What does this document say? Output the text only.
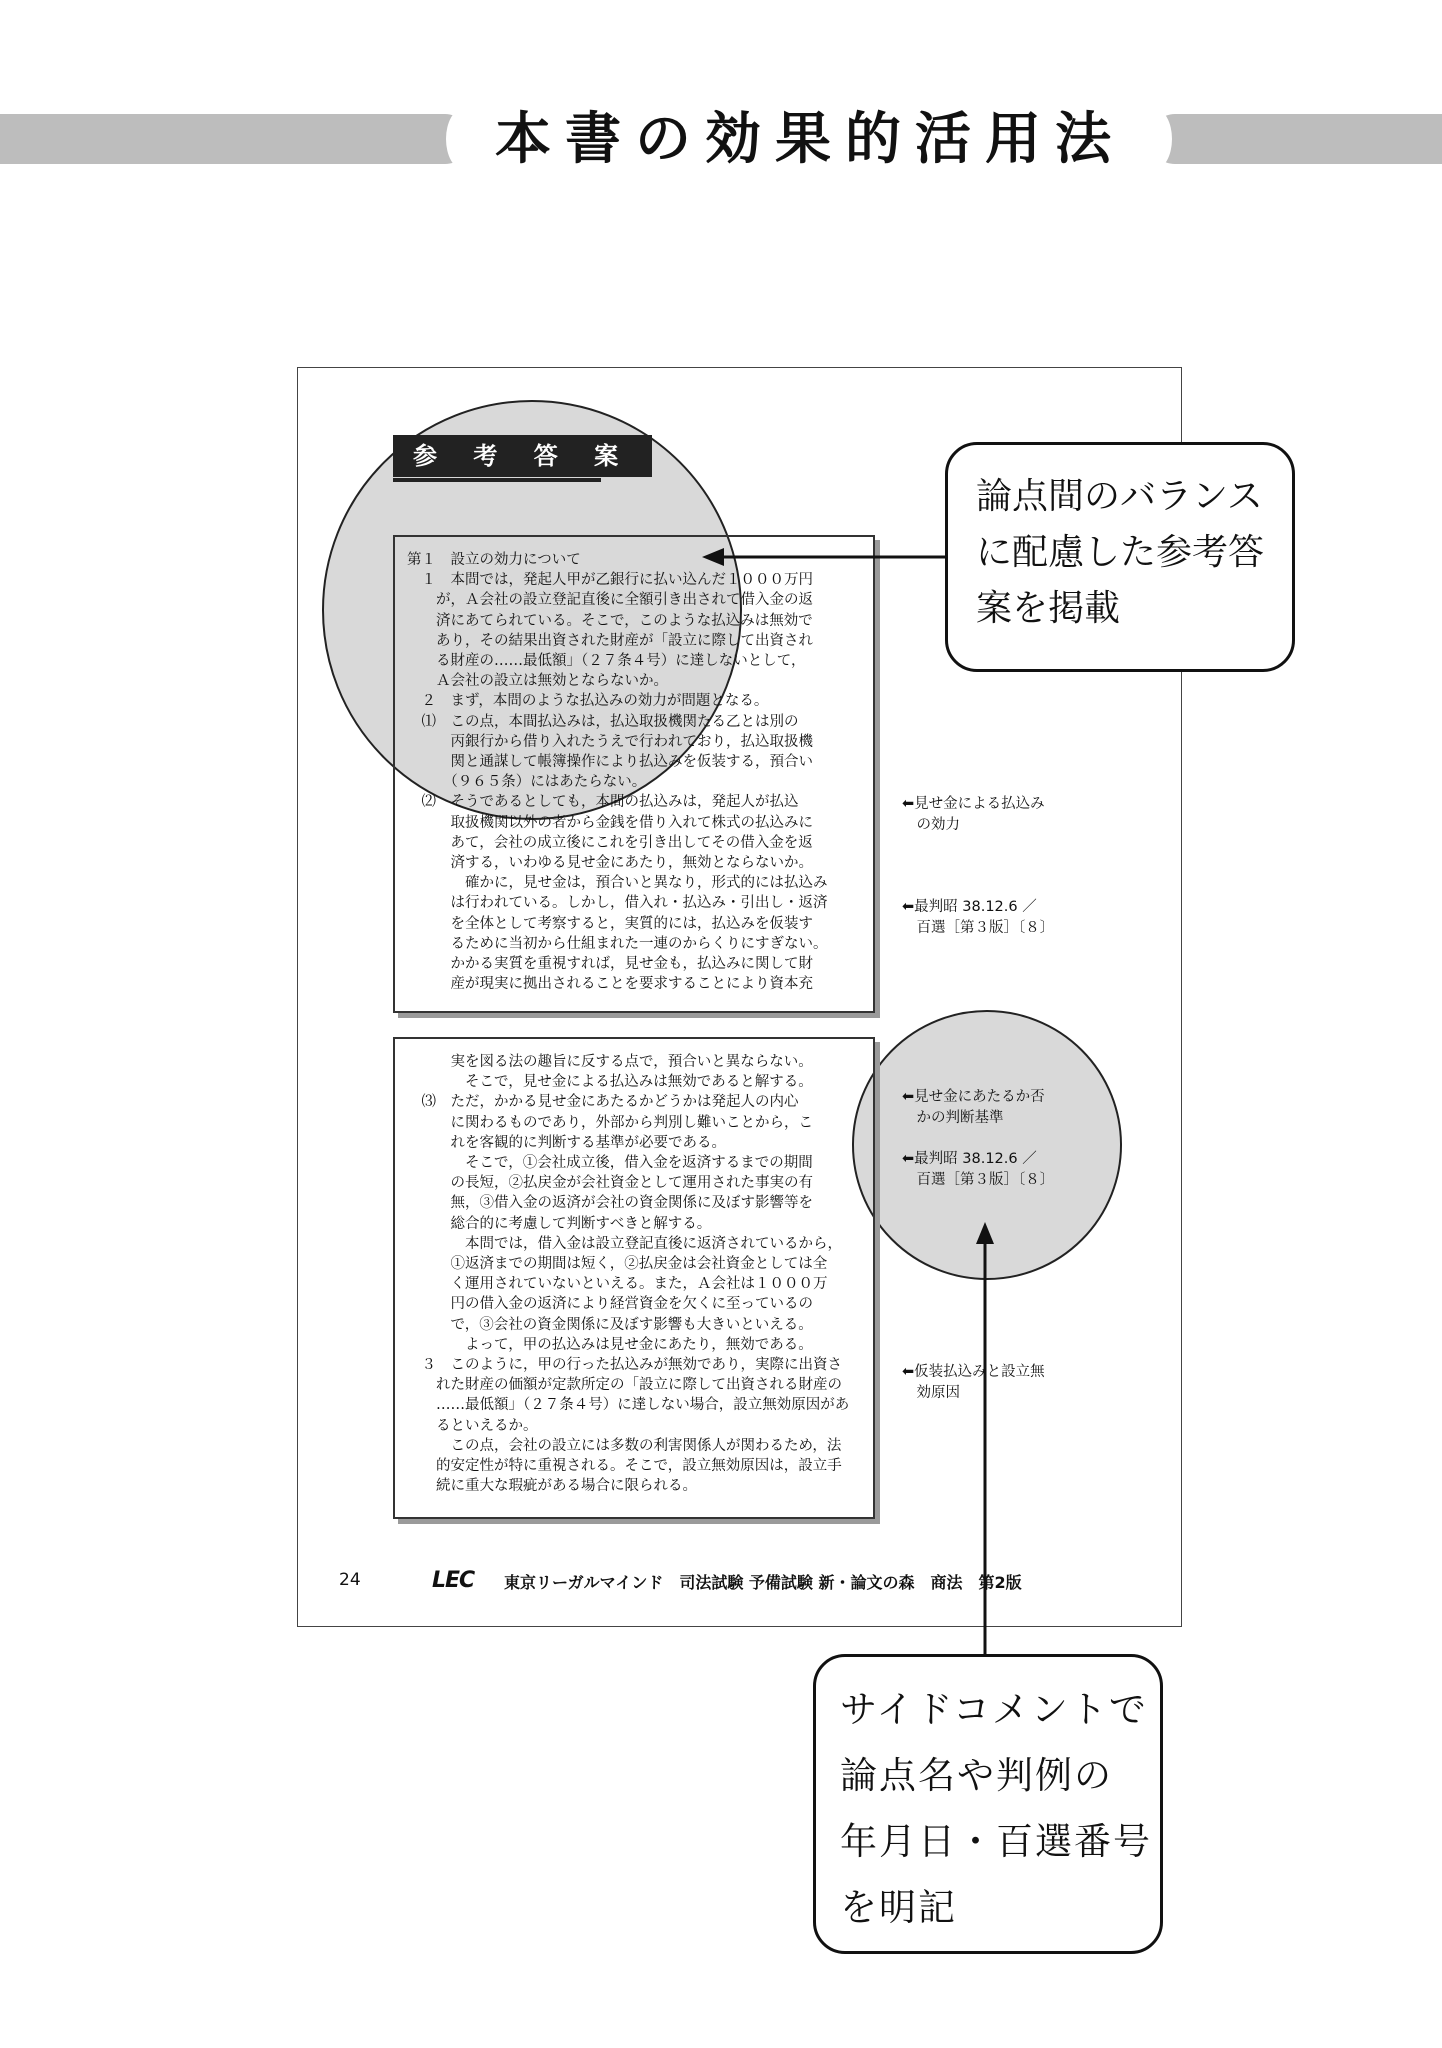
本書の効果的活用法
参 考 答 案
第１　設立の効力について
　１　本問では，発起人甲が乙銀行に払い込んだ１０００万円
　　が，Ａ会社の設立登記直後に全額引き出されて借入金の返
　　済にあてられている。そこで，このような払込みは無効で
　　あり，その結果出資された財産が「設立に際して出資され
　　る財産の……最低額」（２７条４号）に達しないとして，
　　Ａ会社の設立は無効とならないか。
　２　まず，本問のような払込みの効力が問題となる。
　⑴　この点，本間払込みは，払込取扱機関たる乙とは別の
　　　丙銀行から借り入れたうえで行われており，払込取扱機
　　　関と通謀して帳簿操作により払込みを仮装する，預合い
　　　（９６５条）にはあたらない。
　⑵　そうであるとしても，本間の払込みは，発起人が払込
　　　取扱機関以外の者から金銭を借り入れて株式の払込みに
　　　あて，会社の成立後にこれを引き出してその借入金を返
　　　済する，いわゆる見せ金にあたり，無効とならないか。
　　　　確かに，見せ金は，預合いと異なり，形式的には払込み
　　　は行われている。しかし，借入れ・払込み・引出し・返済
　　　を全体として考察すると，実質的には，払込みを仮装す
　　　るために当初から仕組まれた一連のからくりにすぎない。
　　　かかる実質を重視すれば，見せ金も，払込みに関して財
　　　産が現実に拠出されることを要求することにより資本充
　　　実を図る法の趣旨に反する点で，預合いと異ならない。
　　　　そこで，見せ金による払込みは無効であると解する。
　⑶　ただ，かかる見せ金にあたるかどうかは発起人の内心
　　　に関わるものであり，外部から判別し難いことから，こ
　　　れを客観的に判断する基準が必要である。
　　　　そこで，①会社成立後，借入金を返済するまでの期間
　　　の長短，②払戻金が会社資金として運用された事実の有
　　　無，③借入金の返済が会社の資金関係に及ぼす影響等を
　　　総合的に考慮して判断すべきと解する。
　　　　本問では，借入金は設立登記直後に返済されているから，
　　　①返済までの期間は短く，②払戻金は会社資金としては全
　　　く運用されていないといえる。また，Ａ会社は１０００万
　　　円の借入金の返済により経営資金を欠くに至っているの
　　　で，③会社の資金関係に及ぼす影響も大きいといえる。
　　　　よって，甲の払込みは見せ金にあたり，無効である。
　３　このように，甲の行った払込みが無効であり，実際に出資さ
　　れた財産の価額が定款所定の「設立に際して出資される財産の
　　……最低額」（２７条４号）に達しない場合，設立無効原因があ
　　るといえるか。
　　　この点，会社の設立には多数の利害関係人が関わるため，法
　　的安定性が特に重視される。そこで，設立無効原因は，設立手
　　続に重大な瑕疵がある場合に限られる。
⬅見せ金による払込み
　の効力
⬅最判昭 38.12.6 ／
　百選［第３版］〔８〕
⬅見せ金にあたるか否
　かの判断基準
⬅最判昭 38.12.6 ／
　百選［第３版］〔８〕
⬅仮装払込みと設立無
　効原因
24	LEC 東京リーガルマインド　司法試験 予備試験 新・論文の森　商法　第2版
論点間のバランス
に配慮した参考答
案を掲載
サイドコメントで
論点名や判例の
年月日・百選番号
を明記
